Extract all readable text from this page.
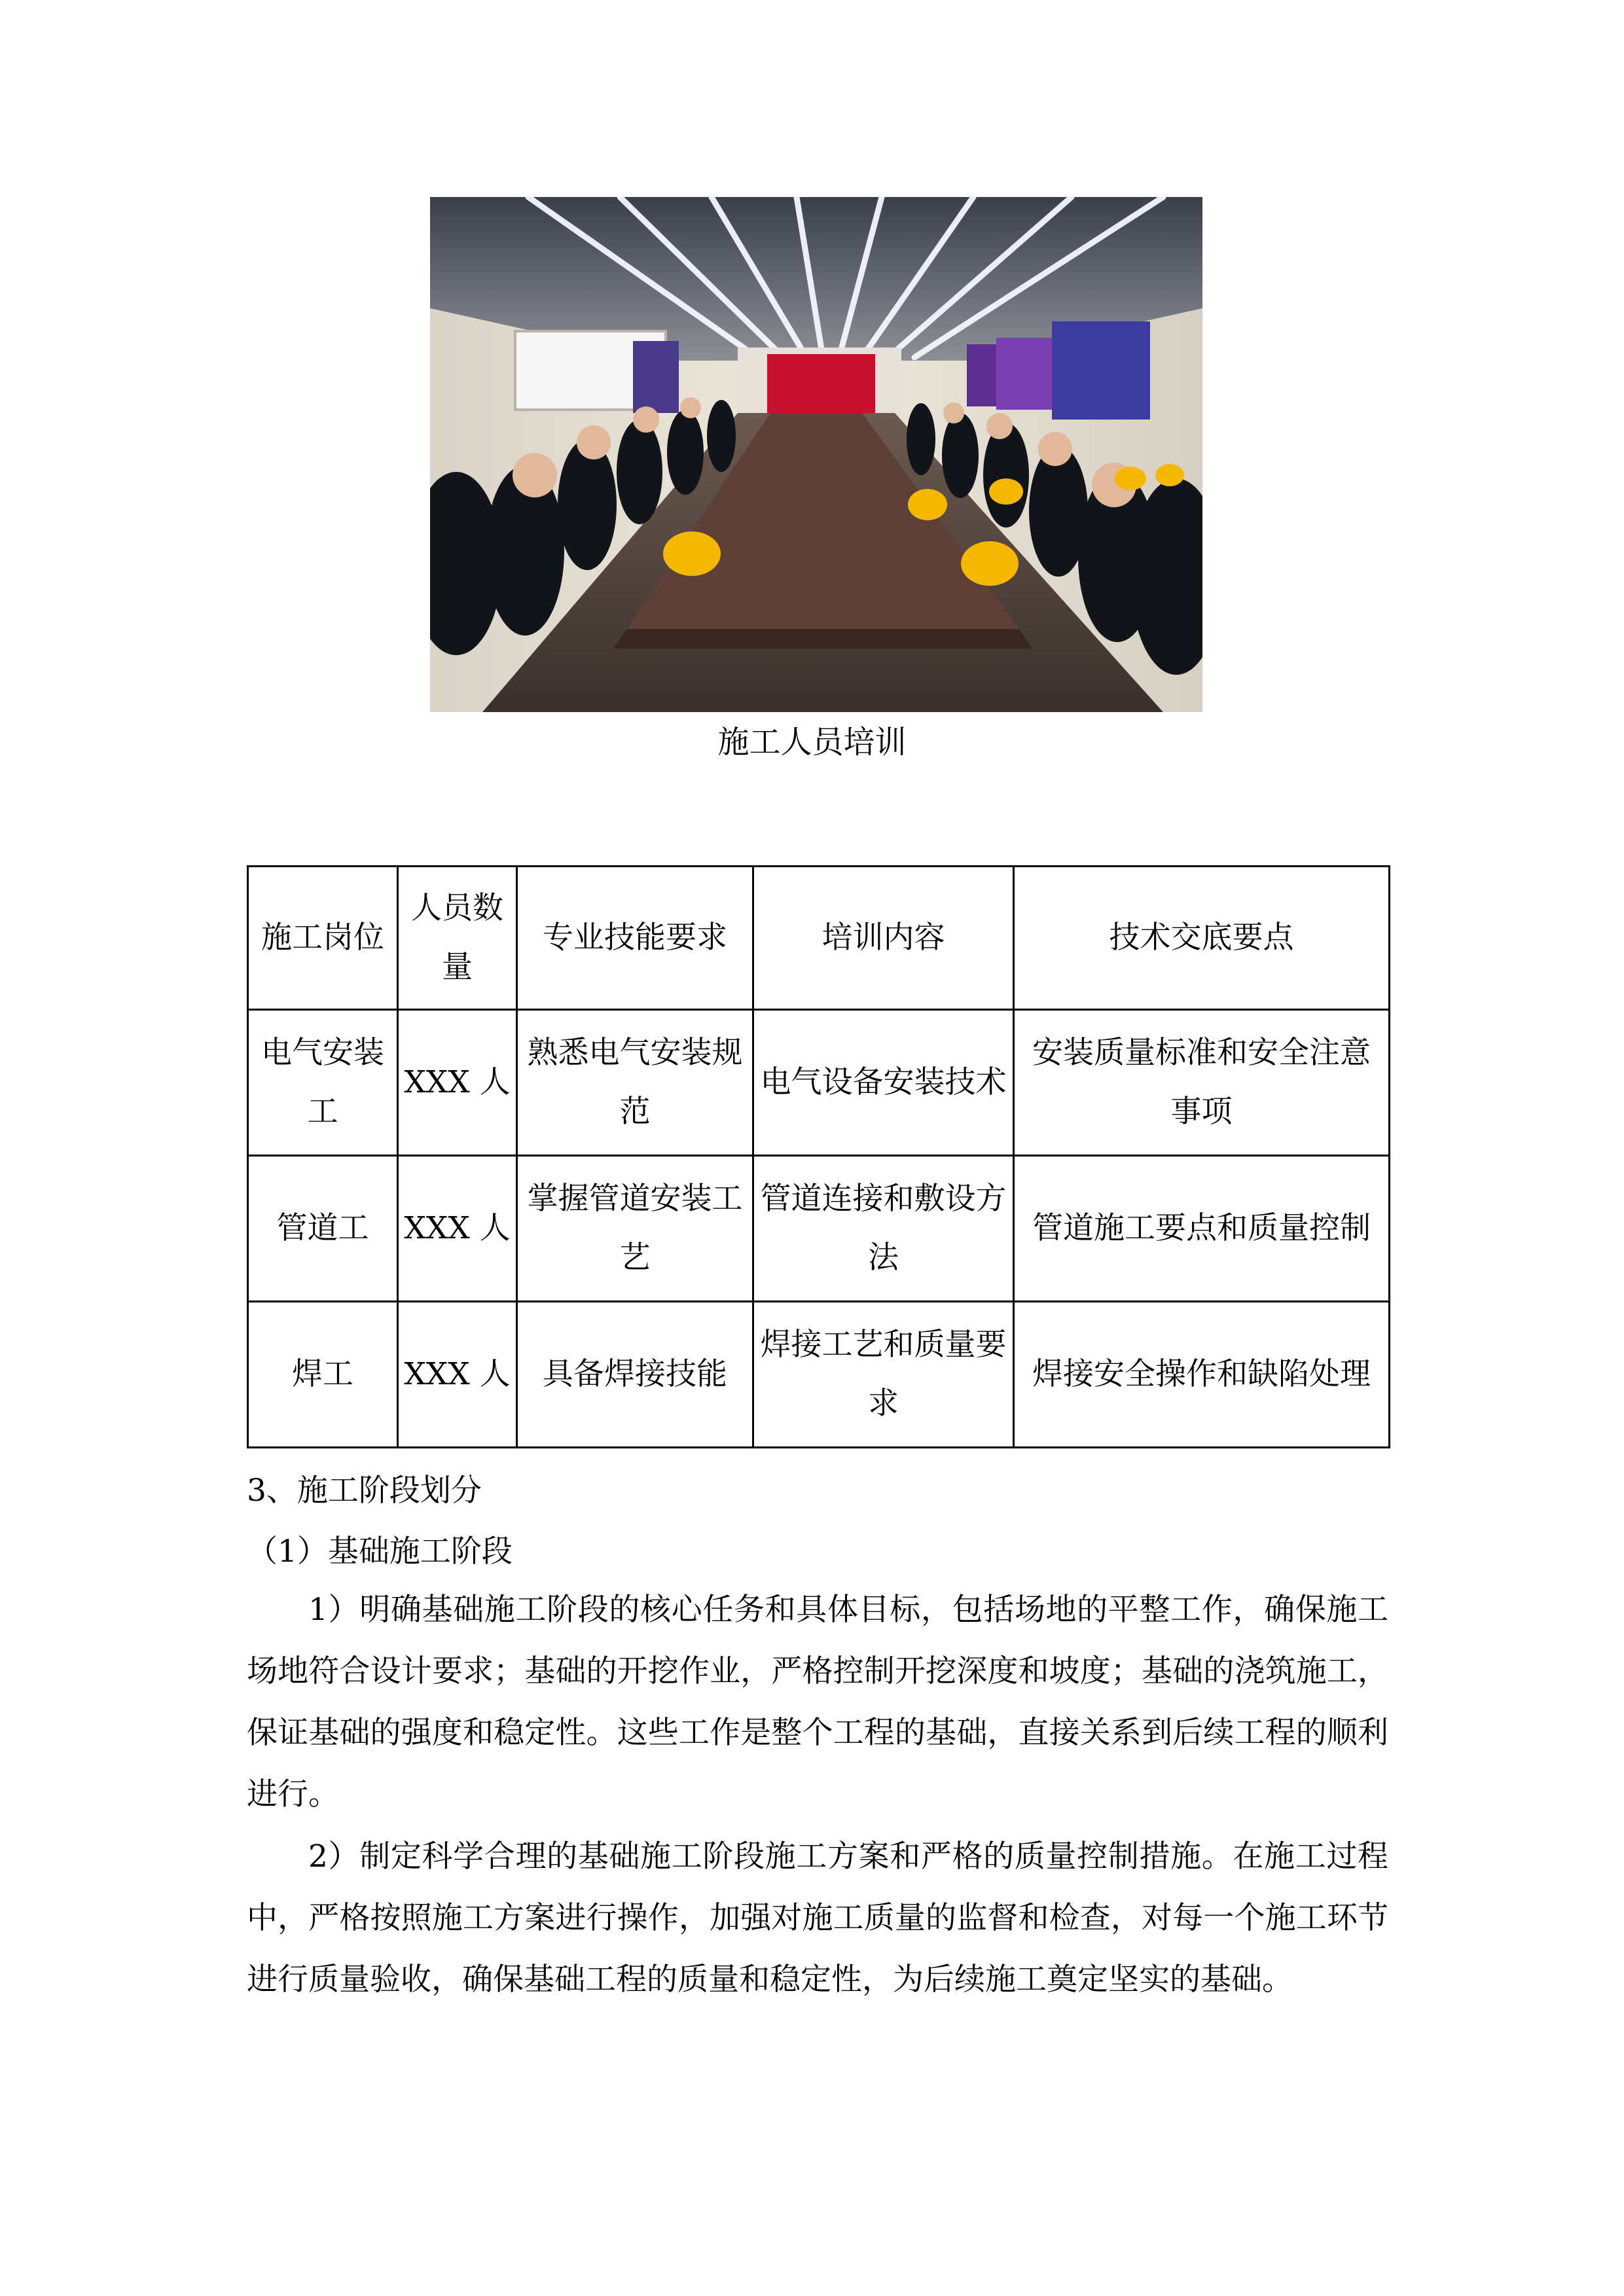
施工人员培训
施工岗位	人员数量	专业技能要求	培训内容	技术交底要点
电气安装工	XXX 人	熟悉电气安装规范	电气设备安装技术	安装质量标准和安全注意事项
管道工	XXX 人	掌握管道安装工艺	管道连接和敷设方法	管道施工要点和质量控制
焊工	XXX 人	具备焊接技能	焊接工艺和质量要求	焊接安全操作和缺陷处理
3、施工阶段划分
（1）基础施工阶段
1）明确基础施工阶段的核心任务和具体目标，包括场地的平整工作，确保施工场地符合设计要求；基础的开挖作业，严格控制开挖深度和坡度；基础的浇筑施工，保证基础的强度和稳定性。这些工作是整个工程的基础，直接关系到后续工程的顺利进行。
2）制定科学合理的基础施工阶段施工方案和严格的质量控制措施。在施工过程中，严格按照施工方案进行操作，加强对施工质量的监督和检查，对每一个施工环节进行质量验收，确保基础工程的质量和稳定性，为后续施工奠定坚实的基础。
